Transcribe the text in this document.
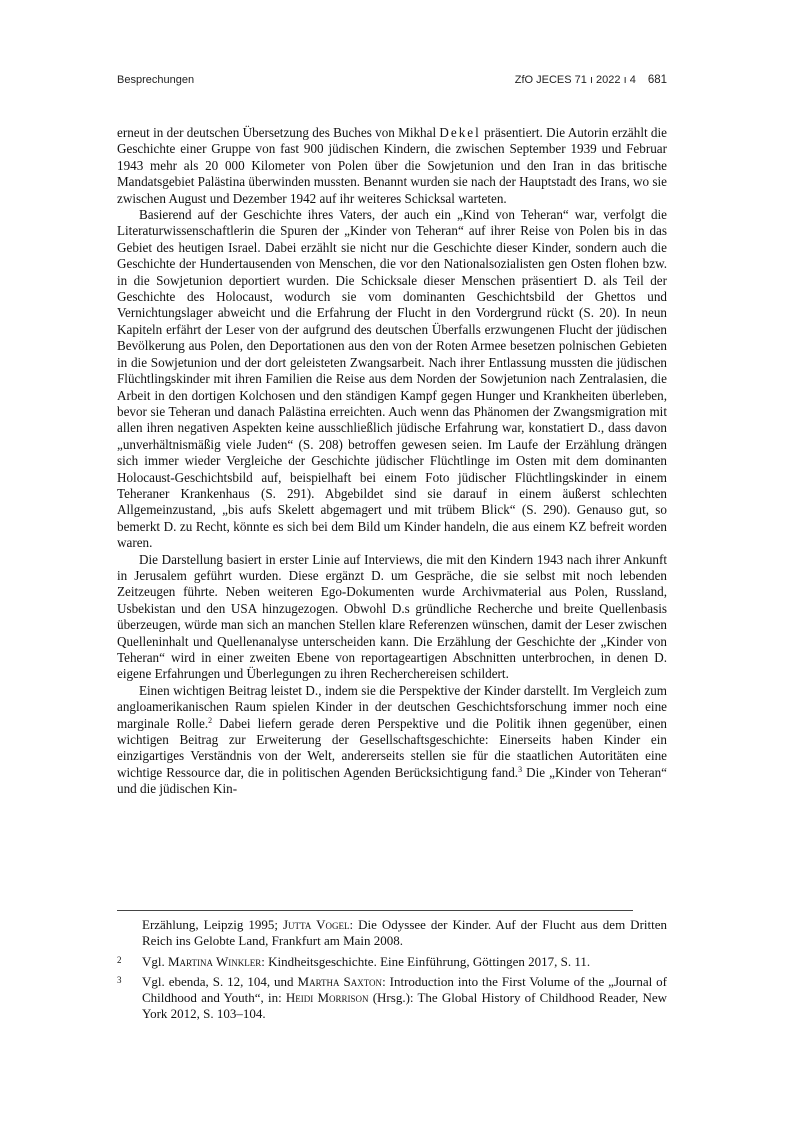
Besprechungen	ZfO JECES 71 ı 2022 ı 4 681

erneut in der deutschen Übersetzung des Buches von Mikhal Dekel präsentiert. Die Autorin erzählt die Geschichte einer Gruppe von fast 900 jüdischen Kindern, die zwischen September 1939 und Februar 1943 mehr als 20 000 Kilometer von Polen über die Sowjetunion und den Iran in das britische Mandatsgebiet Palästina überwinden mussten. Benannt wurden sie nach der Hauptstadt des Irans, wo sie zwischen August und Dezember 1942 auf ihr weiteres Schicksal warteten.

Basierend auf der Geschichte ihres Vaters, der auch ein „Kind von Teheran“ war, verfolgt die Literaturwissenschaftlerin die Spuren der „Kinder von Teheran“ auf ihrer Reise von Polen bis in das Gebiet des heutigen Israel. Dabei erzählt sie nicht nur die Geschichte dieser Kinder, sondern auch die Geschichte der Hundertausenden von Menschen, die vor den Nationalsozialisten gen Osten flohen bzw. in die Sowjetunion deportiert wurden. Die Schicksale dieser Menschen präsentiert D. als Teil der Geschichte des Holocaust, wodurch sie vom dominanten Geschichtsbild der Ghettos und Vernichtungslager abweicht und die Erfahrung der Flucht in den Vordergrund rückt (S. 20). In neun Kapiteln erfährt der Leser von der aufgrund des deutschen Überfalls erzwungenen Flucht der jüdischen Bevölkerung aus Polen, den Deportationen aus den von der Roten Armee besetzen polnischen Gebieten in die Sowjetunion und der dort geleisteten Zwangsarbeit. Nach ihrer Entlassung mussten die jüdischen Flüchtlingskinder mit ihren Familien die Reise aus dem Norden der Sowjetunion nach Zentralasien, die Arbeit in den dortigen Kolchosen und den ständigen Kampf gegen Hunger und Krankheiten überleben, bevor sie Teheran und danach Palästina erreichten. Auch wenn das Phänomen der Zwangsmigration mit allen ihren negativen Aspekten keine ausschließlich jüdische Erfahrung war, konstatiert D., dass davon „unverhältnismäßig viele Juden“ (S. 208) betroffen gewesen seien. Im Laufe der Erzählung drängen sich immer wieder Vergleiche der Geschichte jüdischer Flüchtlinge im Osten mit dem dominanten Holocaust-Geschichtsbild auf, beispielhaft bei einem Foto jüdischer Flüchtlingskinder in einem Teheraner Krankenhaus (S. 291). Abgebildet sind sie darauf in einem äußerst schlechten Allgemeinzustand, „bis aufs Skelett abgemagert und mit trübem Blick“ (S. 290). Genauso gut, so bemerkt D. zu Recht, könnte es sich bei dem Bild um Kinder handeln, die aus einem KZ befreit worden waren.

Die Darstellung basiert in erster Linie auf Interviews, die mit den Kindern 1943 nach ihrer Ankunft in Jerusalem geführt wurden. Diese ergänzt D. um Gespräche, die sie selbst mit noch lebenden Zeitzeugen führte. Neben weiteren Ego-Dokumenten wurde Archivmaterial aus Polen, Russland, Usbekistan und den USA hinzugezogen. Obwohl D.s gründliche Recherche und breite Quellenbasis überzeugen, würde man sich an manchen Stellen klare Referenzen wünschen, damit der Leser zwischen Quelleninhalt und Quellenanalyse unterscheiden kann. Die Erzählung der Geschichte der „Kinder von Teheran“ wird in einer zweiten Ebene von reportageartigen Abschnitten unterbrochen, in denen D. eigene Erfahrungen und Überlegungen zu ihren Recherchereisen schildert.

Einen wichtigen Beitrag leistet D., indem sie die Perspektive der Kinder darstellt. Im Vergleich zum angloamerikanischen Raum spielen Kinder in der deutschen Geschichtsforschung immer noch eine marginale Rolle.$^2$ Dabei liefern gerade deren Perspektive und die Politik ihnen gegenüber, einen wichtigen Beitrag zur Erweiterung der Gesellschaftsgeschichte: Einerseits haben Kinder ein einzigartiges Verständnis von der Welt, andererseits stellen sie für die staatlichen Autoritäten eine wichtige Ressource dar, die in politischen Agenden Berücksichtigung fand.$^3$ Die „Kinder von Teheran“ und die jüdischen Kin-

Erzählung, Leipzig 1995; Jutta Vogel: Die Odyssee der Kinder. Auf der Flucht aus dem Dritten Reich ins Gelobte Land, Frankfurt am Main 2008.

2 Vgl. Martina Winkler: Kindheitsgeschichte. Eine Einführung, Göttingen 2017, S. 11.

3 Vgl. ebenda, S. 12, 104, und Martha Saxton: Introduction into the First Volume of the „Journal of Childhood and Youth“, in: Heidi Morrison (Hrsg.): The Global History of Childhood Reader, New York 2012, S. 103–104.
